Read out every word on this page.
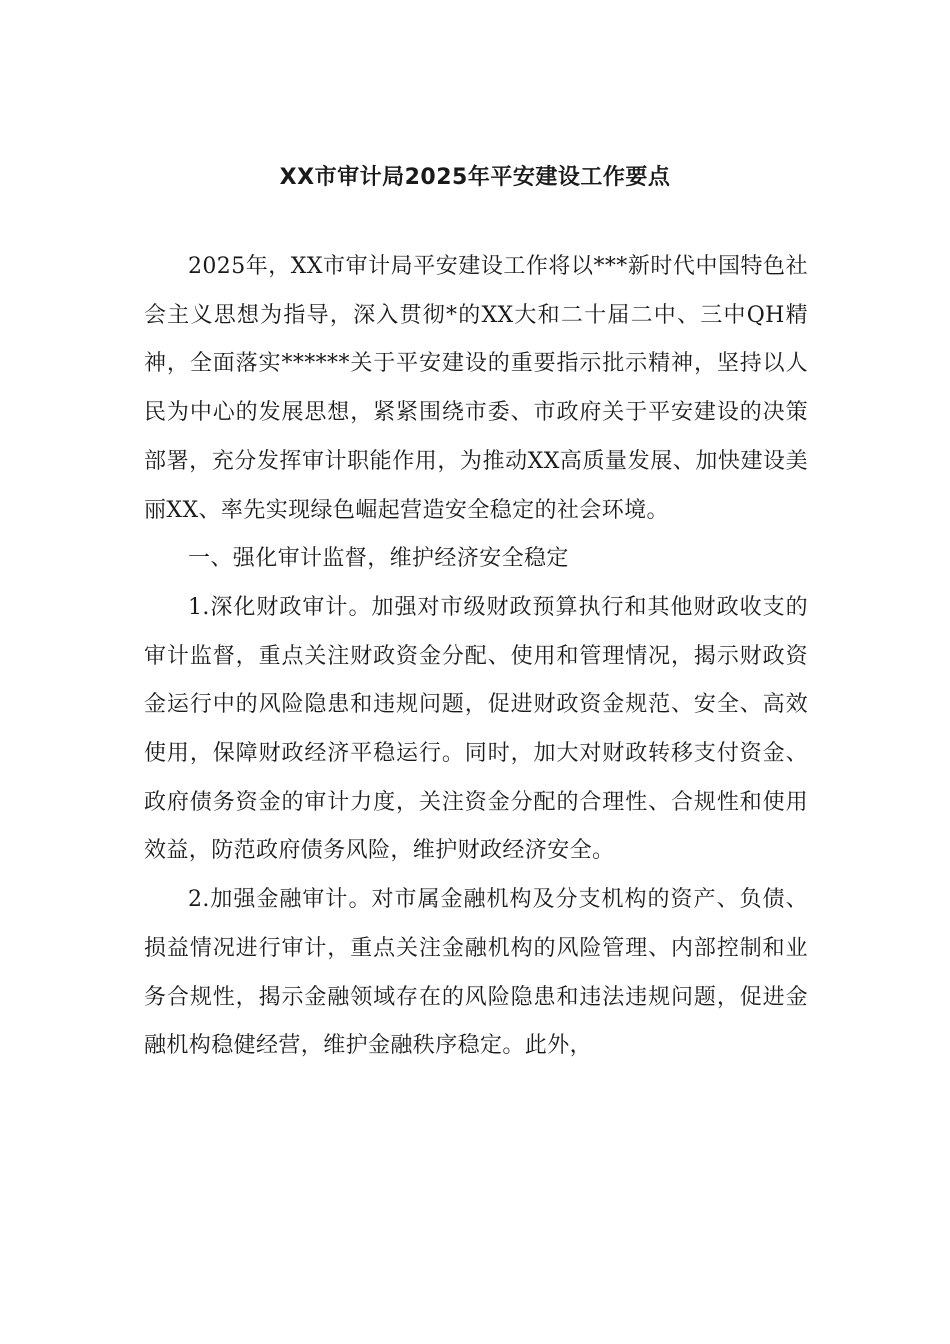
XX市审计局2025年平安建设工作要点

2025年，XX市审计局平安建设工作将以***新时代中国特色社会主义思想为指导，深入贯彻*的XX大和二十届二中、三中QH精神，全面落实******关于平安建设的重要指示批示精神，坚持以人民为中心的发展思想，紧紧围绕市委、市政府关于平安建设的决策部署，充分发挥审计职能作用，为推动XX高质量发展、加快建设美丽XX、率先实现绿色崛起营造安全稳定的社会环境。

一、强化审计监督，维护经济安全稳定

1.深化财政审计。加强对市级财政预算执行和其他财政收支的审计监督，重点关注财政资金分配、使用和管理情况，揭示财政资金运行中的风险隐患和违规问题，促进财政资金规范、安全、高效使用，保障财政经济平稳运行。同时，加大对财政转移支付资金、政府债务资金的审计力度，关注资金分配的合理性、合规性和使用效益，防范政府债务风险，维护财政经济安全。

2.加强金融审计。对市属金融机构及分支机构的资产、负债、损益情况进行审计，重点关注金融机构的风险管理、内部控制和业务合规性，揭示金融领域存在的风险隐患和违法违规问题，促进金融机构稳健经营，维护金融秩序稳定。此外，
